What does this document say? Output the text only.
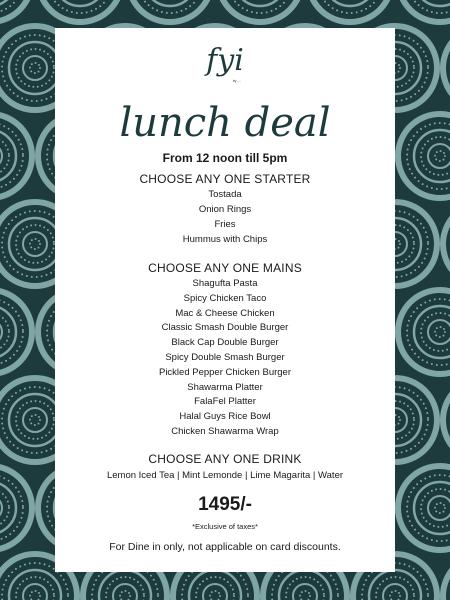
fyi
by ....
lunch deal
From 12 noon till 5pm
CHOOSE ANY ONE STARTER
Tostada
Onion Rings
Fries
Hummus with Chips
CHOOSE ANY ONE MAINS
Shagufta Pasta
Spicy Chicken Taco
Mac & Cheese Chicken
Classic Smash Double Burger
Black Cap Double Burger
Spicy Double Smash Burger
Pickled Pepper Chicken Burger
Shawarma Platter
FalaFel Platter
Halal Guys Rice Bowl
Chicken Shawarma Wrap
CHOOSE ANY ONE DRINK
Lemon Iced Tea | Mint Lemonde | Lime Magarita | Water
1495/-
*Exclusive of taxes*
For Dine in only, not applicable on card discounts.
